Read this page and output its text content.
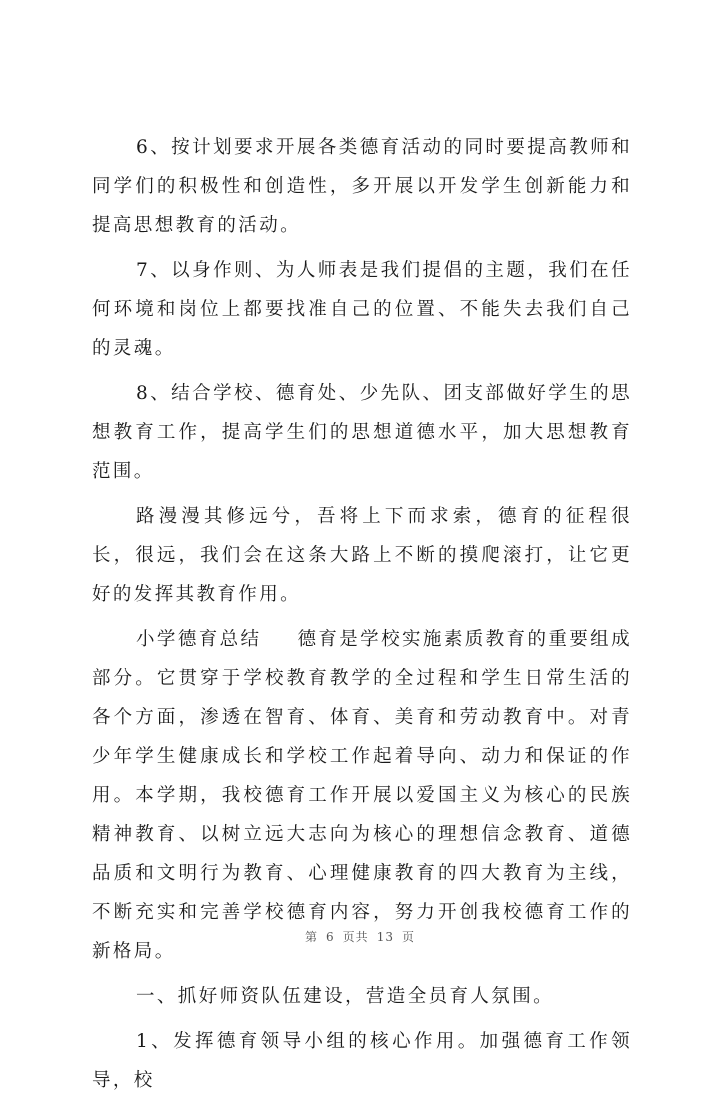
6、按计划要求开展各类德育活动的同时要提高教师和同学们的积极性和创造性，多开展以开发学生创新能力和提高思想教育的活动。

7、以身作则、为人师表是我们提倡的主题，我们在任何环境和岗位上都要找准自己的位置、不能失去我们自己的灵魂。

8、结合学校、德育处、少先队、团支部做好学生的思想教育工作，提高学生们的思想道德水平，加大思想教育范围。

路漫漫其修远兮，吾将上下而求索，德育的征程很长，很远，我们会在这条大路上不断的摸爬滚打，让它更好的发挥其教育作用。

小学德育总结 德育是学校实施素质教育的重要组成部分。它贯穿于学校教育教学的全过程和学生日常生活的各个方面，渗透在智育、体育、美育和劳动教育中。对青少年学生健康成长和学校工作起着导向、动力和保证的作用。本学期，我校德育工作开展以爱国主义为核心的民族精神教育、以树立远大志向为核心的理想信念教育、道德品质和文明行为教育、心理健康教育的四大教育为主线，不断充实和完善学校德育内容，努力开创我校德育工作的新格局。

一、抓好师资队伍建设，营造全员育人氛围。

1、发挥德育领导小组的核心作用。加强德育工作领导，校

第 6 页共 13 页
